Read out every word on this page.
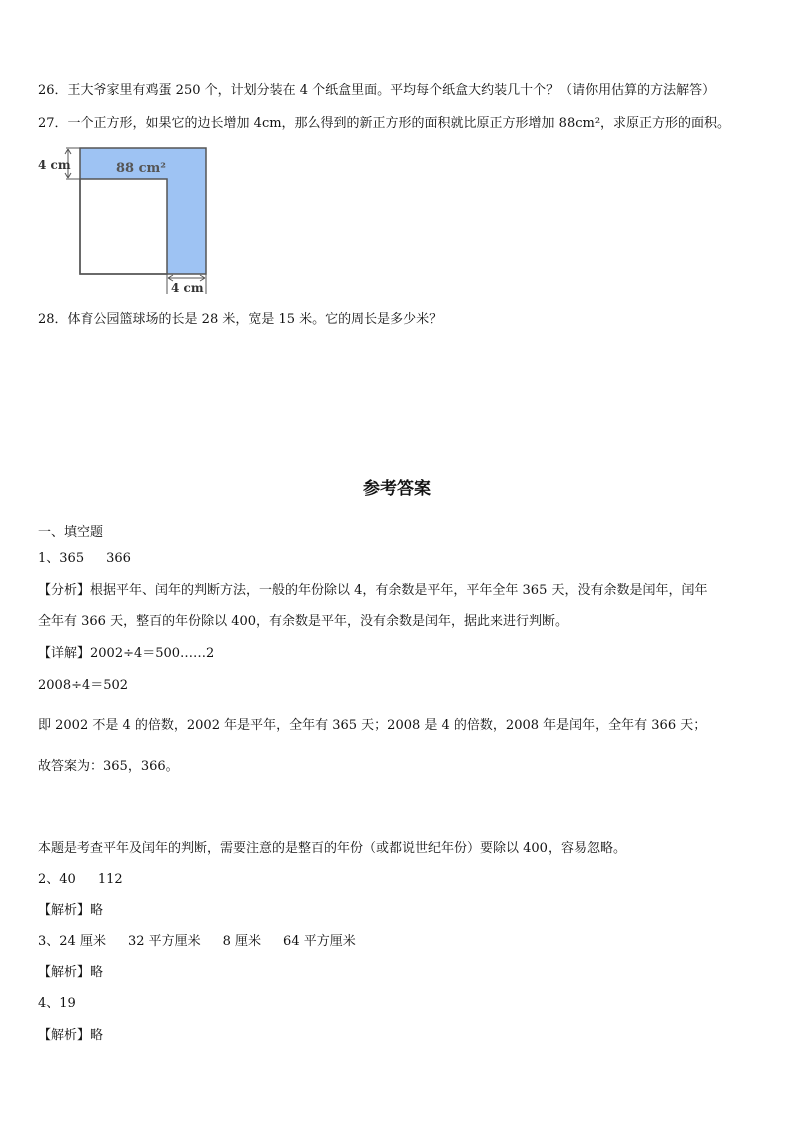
26．王大爷家里有鸡蛋 250 个，计划分装在 4 个纸盒里面。平均每个纸盒大约装几十个？（请你用估算的方法解答）
27．一个正方形，如果它的边长增加 4cm，那么得到的新正方形的面积就比原正方形增加 88cm²，求原正方形的面积。
4 cm
4 cm
88 cm²
28．体育公园篮球场的长是 28 米，宽是 15 米。它的周长是多少米？
参考答案
一、填空题
1、365 366
【分析】根据平年、闰年的判断方法，一般的年份除以 4，有余数是平年，平年全年 365 天，没有余数是闰年，闰年
全年有 366 天，整百的年份除以 400，有余数是平年，没有余数是闰年，据此来进行判断。
【详解】2002÷4＝500……2
2008÷4＝502
即 2002 不是 4 的倍数，2002 年是平年，全年有 365 天；2008 是 4 的倍数，2008 年是闰年，全年有 366 天；
故答案为：365，366。
本题是考查平年及闰年的判断，需要注意的是整百的年份（或都说世纪年份）要除以 400，容易忽略。
2、40 112
【解析】略
3、24 厘米 32 平方厘米 8 厘米 64 平方厘米
【解析】略
4、19
【解析】略
